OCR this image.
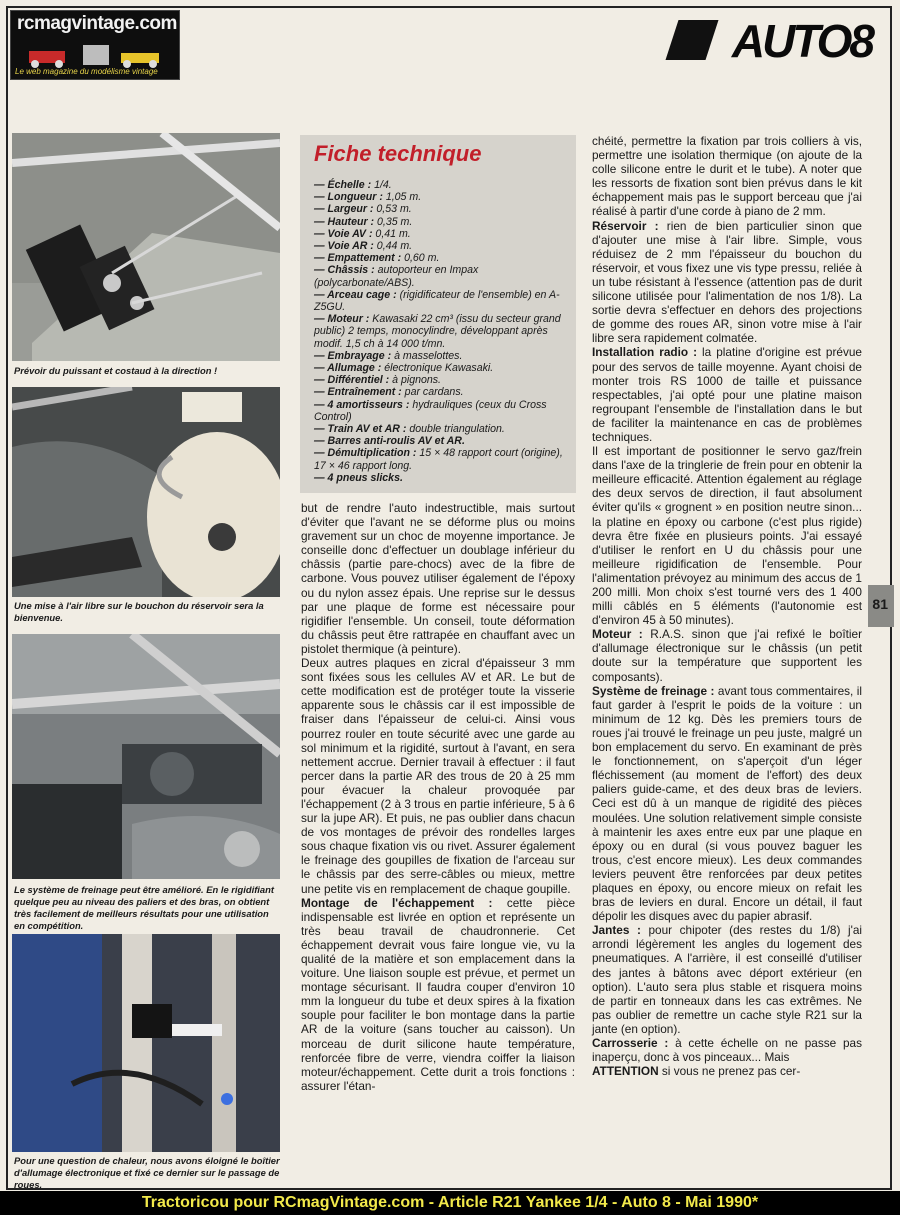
rcmagvintage.com
Le web magazine du modélisme vintage
AUTO8
81
Prévoir du puissant et costaud à la direction !
Une mise à l'air libre sur le bouchon du réservoir sera la bienvenue.
Le système de freinage peut être amélioré. En le rigidifiant quelque peu au niveau des paliers et des bras, on obtient très facilement de meilleurs résultats pour une utilisation en compétition.
Pour une question de chaleur, nous avons éloigné le boîtier d'allumage électronique et fixé ce dernier sur le passage de roues.
Fiche technique
— Échelle : 1/4.
— Longueur : 1,05 m.
— Largeur : 0,53 m.
— Hauteur : 0,35 m.
— Voie AV : 0,41 m.
— Voie AR : 0,44 m.
— Empattement : 0,60 m.
— Châssis : autoporteur en Impax (polycarbonate/ABS).
— Arceau cage : (rigidificateur de l'ensemble) en A-Z5GU.
— Moteur : Kawasaki 22 cm³ (issu du secteur grand public) 2 temps, monocylindre, développant après modif. 1,5 ch à 14 000 t/mn.
— Embrayage : à masselottes.
— Allumage : électronique Kawasaki.
— Différentiel : à pignons.
— Entraînement : par cardans.
— 4 amortisseurs : hydrauliques (ceux du Cross Control)
— Train AV et AR : double triangulation.
— Barres anti-roulis AV et AR.
— Démultiplication : 15 × 48 rapport court (origine), 17 × 46 rapport long.
— 4 pneus slicks.

but de rendre l'auto indestructible, mais surtout d'éviter que l'avant ne se déforme plus ou moins gravement sur un choc de moyenne importance. Je conseille donc d'effectuer un doublage inférieur du châssis (partie pare-chocs) avec de la fibre de carbone. Vous pouvez utiliser également de l'époxy ou du nylon assez épais. Une reprise sur le dessus par une plaque de forme est nécessaire pour rigidifier l'ensemble. Un conseil, toute déformation du châssis peut être rattrapée en chauffant avec un pistolet thermique (à peinture).

Deux autres plaques en zicral d'épaisseur 3 mm sont fixées sous les cellules AV et AR. Le but de cette modification est de protéger toute la visserie apparente sous le châssis car il est impossible de fraiser dans l'épaisseur de celui-ci. Ainsi vous pourrez rouler en toute sécurité avec une garde au sol minimum et la rigidité, surtout à l'avant, en sera nettement accrue. Dernier travail à effectuer : il faut percer dans la partie AR des trous de 20 à 25 mm pour évacuer la chaleur provoquée par l'échappement (2 à 3 trous en partie inférieure, 5 à 6 sur la jupe AR). Et puis, ne pas oublier dans chacun de vos montages de prévoir des rondelles larges sous chaque fixation vis ou rivet. Assurer également le freinage des goupilles de fixation de l'arceau sur le châssis par des serre-câbles ou mieux, mettre une petite vis en remplacement de chaque goupille.

Montage de l'échappement : cette pièce indispensable est livrée en option et représente un très beau travail de chaudronnerie. Cet échappement devrait vous faire longue vie, vu la qualité de la matière et son emplacement dans la voiture. Une liaison souple est prévue, et permet un montage sécurisant. Il faudra couper d'environ 10 mm la longueur du tube et deux spires à la fixation souple pour faciliter le bon montage dans la partie AR de la voiture (sans toucher au caisson). Un morceau de durit silicone haute température, renforcée fibre de verre, viendra coiffer la liaison moteur/échappement. Cette durit a trois fonctions : assurer l'étan-

chéité, permettre la fixation par trois colliers à vis, permettre une isolation thermique (on ajoute de la colle silicone entre le durit et le tube). A noter que les ressorts de fixation sont bien prévus dans le kit échappement mais pas le support berceau que j'ai réalisé à partir d'une corde à piano de 2 mm.

Réservoir : rien de bien particulier sinon que d'ajouter une mise à l'air libre. Simple, vous réduisez de 2 mm l'épaisseur du bouchon du réservoir, et vous fixez une vis type pressu, reliée à un tube résistant à l'essence (attention pas de durit silicone utilisée pour l'alimentation de nos 1/8). La sortie devra s'effectuer en dehors des projections de gomme des roues AR, sinon votre mise à l'air libre sera rapidement colmatée.

Installation radio : la platine d'origine est prévue pour des servos de taille moyenne. Ayant choisi de monter trois RS 1000 de taille et puissance respectables, j'ai opté pour une platine maison regroupant l'ensemble de l'installation dans le but de faciliter la maintenance en cas de problèmes techniques.

Il est important de positionner le servo gaz/frein dans l'axe de la tringlerie de frein pour en obtenir la meilleure efficacité. Attention également au réglage des deux servos de direction, il faut absolument éviter qu'ils « grognent » en position neutre sinon... la platine en époxy ou carbone (c'est plus rigide) devra être fixée en plusieurs points. J'ai essayé d'utiliser le renfort en U du châssis pour une meilleure rigidification de l'ensemble. Pour l'alimentation prévoyez au minimum des accus de 1 200 milli. Mon choix s'est tourné vers des 1 400 milli câblés en 5 éléments (l'autonomie est d'environ 45 à 50 minutes).

Moteur : R.A.S. sinon que j'ai refixé le boîtier d'allumage électronique sur le châssis (un petit doute sur la température que supportent les composants).

Système de freinage : avant tous commentaires, il faut garder à l'esprit le poids de la voiture : un minimum de 12 kg. Dès les premiers tours de roues j'ai trouvé le freinage un peu juste, malgré un bon emplacement du servo. En examinant de près le fonctionnement, on s'aperçoit d'un léger fléchissement (au moment de l'effort) des deux paliers guide-came, et des deux bras de leviers. Ceci est dû à un manque de rigidité des pièces moulées. Une solution relativement simple consiste à maintenir les axes entre eux par une plaque en époxy ou en dural (si vous pouvez baguer les trous, c'est encore mieux). Les deux commandes leviers peuvent être renforcées par deux petites plaques en époxy, ou encore mieux on refait les bras de leviers en dural. Encore un détail, il faut dépolir les disques avec du papier abrasif.

Jantes : pour chipoter (des restes du 1/8) j'ai arrondi légèrement les angles du logement des pneumatiques. A l'arrière, il est conseillé d'utiliser des jantes à bâtons avec déport extérieur (en option). L'auto sera plus stable et risquera moins de partir en tonneaux dans les cas extrêmes. Ne pas oublier de remettre un cache style R21 sur la jante (en option).

Carrosserie : à cette échelle on ne passe pas inaperçu, donc à vos pinceaux... Mais

ATTENTION si vous ne prenez pas cer-

Tractoricou pour RCmagVintage.com - Article R21 Yankee 1/4 - Auto 8 - Mai 1990*
